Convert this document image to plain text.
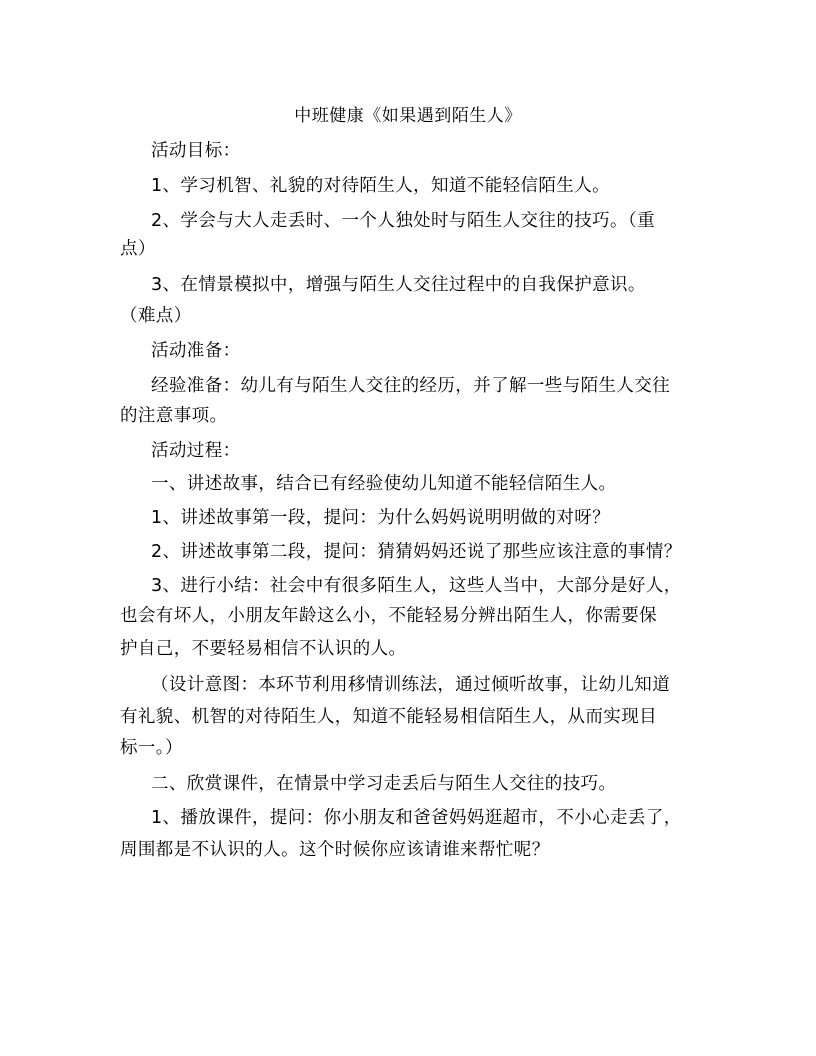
中班健康《如果遇到陌生人》
活动目标：
1、学习机智、礼貌的对待陌生人，知道不能轻信陌生人。
2、学会与大人走丢时、一个人独处时与陌生人交往的技巧。（重
点）
3、在情景模拟中，增强与陌生人交往过程中的自我保护意识。
（难点）
活动准备：
经验准备：幼儿有与陌生人交往的经历，并了解一些与陌生人交往
的注意事项。
活动过程：
一、讲述故事，结合已有经验使幼儿知道不能轻信陌生人。
1、讲述故事第一段，提问：为什么妈妈说明明做的对呀？
2、讲述故事第二段，提问：猜猜妈妈还说了那些应该注意的事情？
3、进行小结：社会中有很多陌生人，这些人当中，大部分是好人，
也会有坏人，小朋友年龄这么小，不能轻易分辨出陌生人，你需要保
护自己，不要轻易相信不认识的人。
（设计意图：本环节利用移情训练法，通过倾听故事，让幼儿知道
有礼貌、机智的对待陌生人，知道不能轻易相信陌生人，从而实现目
标一。）
二、欣赏课件，在情景中学习走丢后与陌生人交往的技巧。
1、播放课件，提问：你小朋友和爸爸妈妈逛超市，不小心走丢了，
周围都是不认识的人。这个时候你应该请谁来帮忙呢？
